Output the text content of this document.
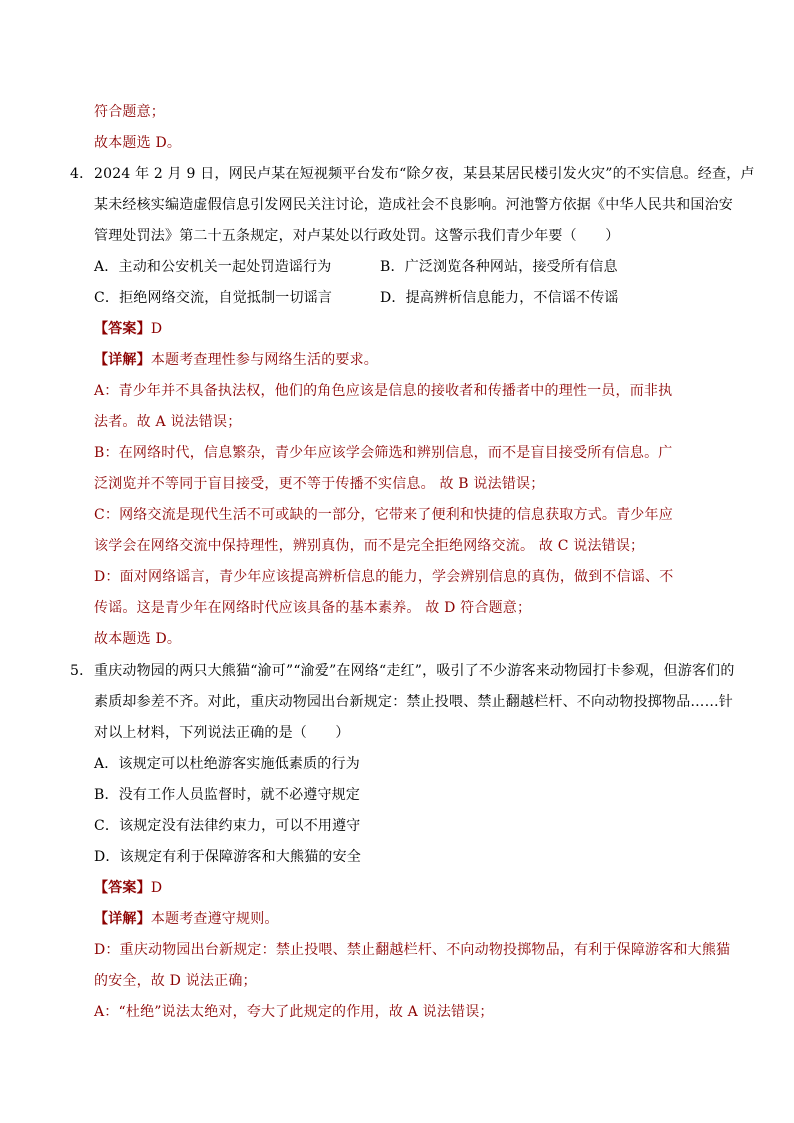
符合题意；
故本题选 D。
4． 2024 年 2 月 9 日，网民卢某在短视频平台发布“除夕夜，某县某居民楼引发火灾”的不实信息。经查，卢
某未经核实编造虚假信息引发网民关注讨论，造成社会不良影响。河池警方依据《中华人民共和国治安
管理处罚法》第二十五条规定，对卢某处以行政处罚。这警示我们青少年要（　　）
A．主动和公安机关一起处罚造谣行为	B．广泛浏览各种网站，接受所有信息
C．拒绝网络交流，自觉抵制一切谣言	D．提高辨析信息能力，不信谣不传谣
【答案】D
【详解】本题考查理性参与网络生活的要求。
A：青少年并不具备执法权，他们的角色应该是信息的接收者和传播者中的理性一员，而非执
法者。故 A 说法错误；
B：在网络时代，信息繁杂，青少年应该学会筛选和辨别信息，而不是盲目接受所有信息。广
泛浏览并不等同于盲目接受，更不等于传播不实信息。 故 B 说法错误；
C：网络交流是现代生活不可或缺的一部分，它带来了便利和快捷的信息获取方式。青少年应
该学会在网络交流中保持理性，辨别真伪，而不是完全拒绝网络交流。 故 C 说法错误；
D：面对网络谣言，青少年应该提高辨析信息的能力，学会辨别信息的真伪，做到不信谣、不
传谣。这是青少年在网络时代应该具备的基本素养。 故 D 符合题意；
故本题选 D。
5． 重庆动物园的两只大熊猫“渝可”“渝爱”在网络“走红”，吸引了不少游客来动物园打卡参观，但游客们的
素质却参差不齐。对此，重庆动物园出台新规定：禁止投喂、禁止翻越栏杆、不向动物投掷物品……针
对以上材料，下列说法正确的是（　　）
A．该规定可以杜绝游客实施低素质的行为
B．没有工作人员监督时，就不必遵守规定
C．该规定没有法律约束力，可以不用遵守
D．该规定有利于保障游客和大熊猫的安全
【答案】D
【详解】本题考查遵守规则。
D：重庆动物园出台新规定：禁止投喂、禁止翻越栏杆、不向动物投掷物品，有利于保障游客和大熊猫
的安全，故 D 说法正确；
A：“杜绝”说法太绝对，夸大了此规定的作用，故 A 说法错误；
